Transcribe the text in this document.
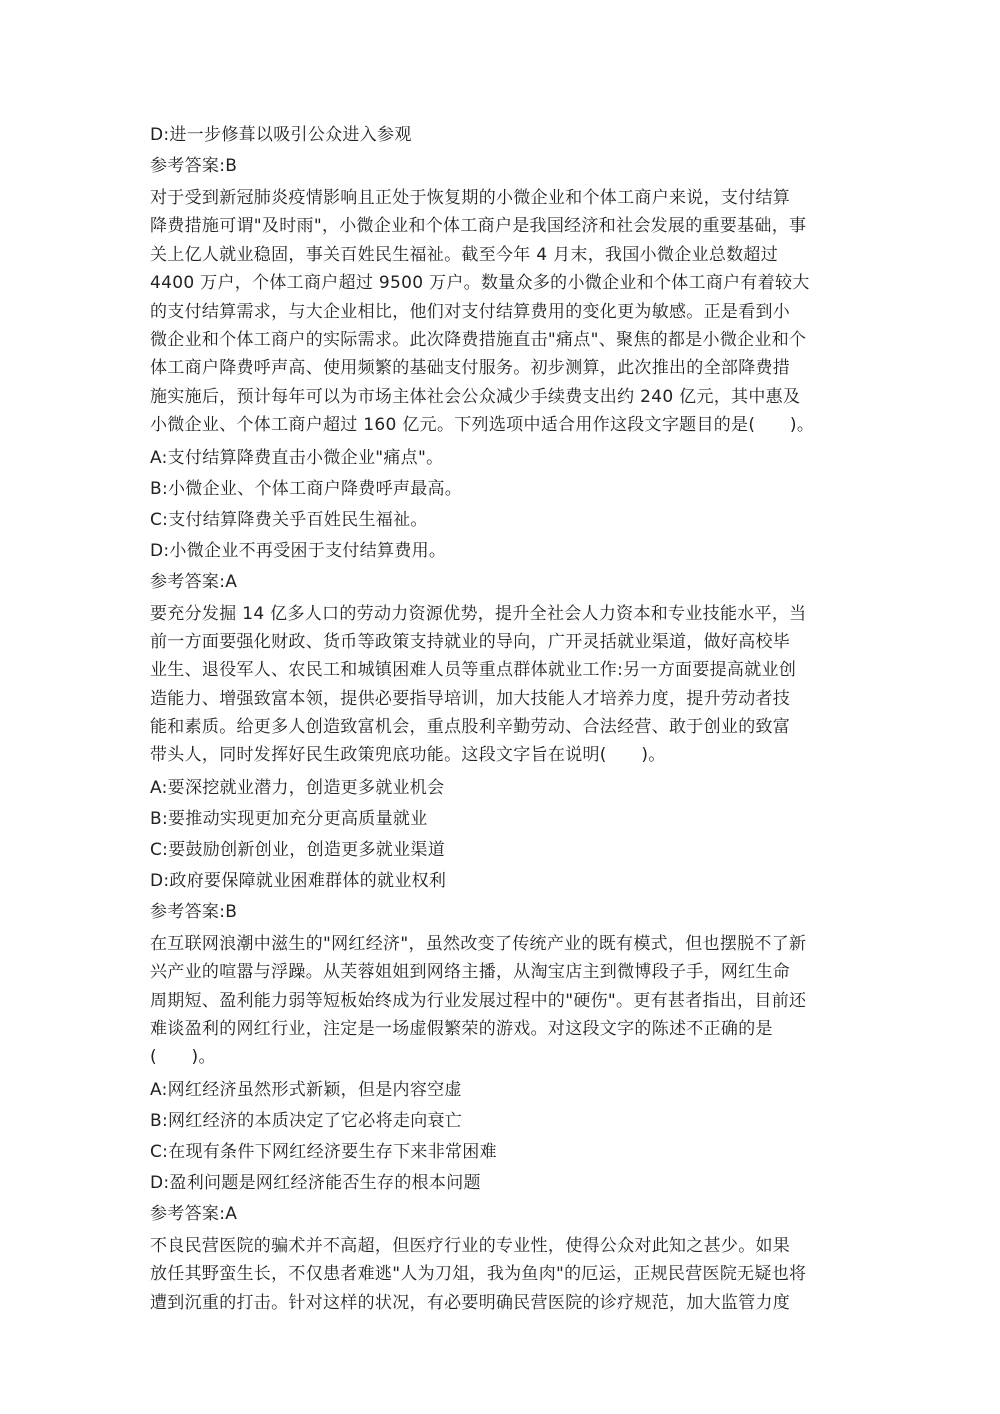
D:进一步修葺以吸引公众进入参观
参考答案:B
对于受到新冠肺炎疫情影响且正处于恢复期的小微企业和个体工商户来说，支付结算
降费措施可谓"及时雨"，小微企业和个体工商户是我国经济和社会发展的重要基础，事
关上亿人就业稳固，事关百姓民生福祉。截至今年 4 月末，我国小微企业总数超过
4400 万户，个体工商户超过 9500 万户。数量众多的小微企业和个体工商户有着较大
的支付结算需求，与大企业相比，他们对支付结算费用的变化更为敏感。正是看到小
微企业和个体工商户的实际需求。此次降费措施直击"痛点"、聚焦的都是小微企业和个
体工商户降费呼声高、使用频繁的基础支付服务。初步测算，此次推出的全部降费措
施实施后，预计每年可以为市场主体社会公众减少手续费支出约 240 亿元，其中惠及
小微企业、个体工商户超过 160 亿元。下列选项中适合用作这段文字题目的是(　　)。
A:支付结算降费直击小微企业"痛点"。
B:小微企业、个体工商户降费呼声最高。
C:支付结算降费关乎百姓民生福祉。
D:小微企业不再受困于支付结算费用。
参考答案:A
要充分发掘 14 亿多人口的劳动力资源优势，提升全社会人力资本和专业技能水平，当
前一方面要强化财政、货币等政策支持就业的导向，广开灵括就业渠道，做好高校毕
业生、退役军人、农民工和城镇困难人员等重点群体就业工作:另一方面要提高就业创
造能力、增强致富本领，提供必要指导培训，加大技能人才培养力度，提升劳动者技
能和素质。给更多人创造致富机会，重点股利辛勤劳动、合法经营、敢于创业的致富
带头人，同时发挥好民生政策兜底功能。这段文字旨在说明(　　)。
A:要深挖就业潜力，创造更多就业机会
B:要推动实现更加充分更高质量就业
C:要鼓励创新创业，创造更多就业渠道
D:政府要保障就业困难群体的就业权利
参考答案:B
在互联网浪潮中滋生的"网红经济"，虽然改变了传统产业的既有模式，但也摆脱不了新
兴产业的喧嚣与浮躁。从芙蓉姐姐到网络主播，从淘宝店主到微博段子手，网红生命
周期短、盈利能力弱等短板始终成为行业发展过程中的"硬伤"。更有甚者指出，目前还
难谈盈利的网红行业，注定是一场虚假繁荣的游戏。对这段文字的陈述不正确的是
(　　)。
A:网红经济虽然形式新颖，但是内容空虚
B:网红经济的本质决定了它必将走向衰亡
C:在现有条件下网红经济要生存下来非常困难
D:盈利问题是网红经济能否生存的根本问题
参考答案:A
不良民营医院的骗术并不高超，但医疗行业的专业性，使得公众对此知之甚少。如果
放任其野蛮生长，不仅患者难逃"人为刀俎，我为鱼肉"的厄运，正规民营医院无疑也将
遭到沉重的打击。针对这样的状况，有必要明确民营医院的诊疗规范，加大监管力度
